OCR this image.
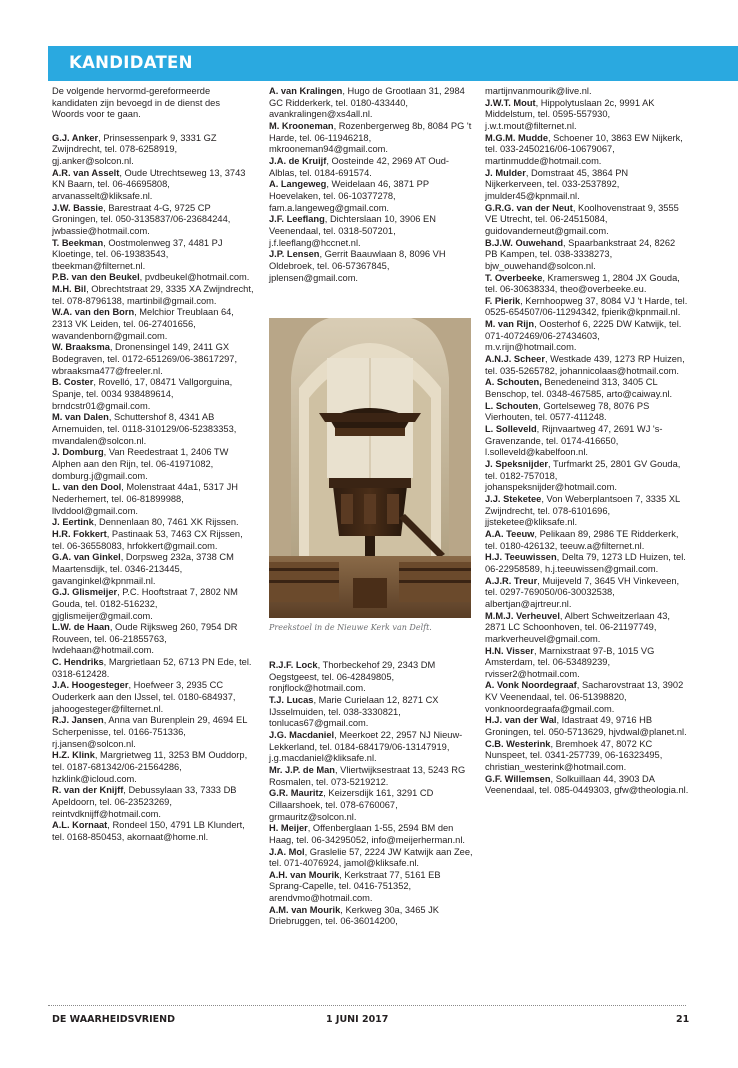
KANDIDATEN

De volgende hervormd-gereformeerde kandidaten zijn bevoegd in de dienst des Woords voor te gaan.

G.J. Anker, Prinsessenpark 9, 3331 GZ Zwijndrecht, tel. 078-6258919, gj.anker@solcon.nl.

A.R. van Asselt, Oude Utrechtseweg 13, 3743 KN Baarn, tel. 06-46695808, arvanasselt@kliksafe.nl.

J.W. Bassie, Barestraat 4-G, 9725 CP Groningen, tel. 050-3135837/06-23684244, jwbassie@hotmail.com.

T. Beekman, Oostmolenweg 37, 4481 PJ Kloetinge, tel. 06-19383543, tbeekman@filternet.nl.

P.B. van den Beukel, pvdbeukel@hotmail.com.

M.H. Bil, Obrechtstraat 29, 3335 XA Zwijndrecht, tel. 078-8796138, martinbil@gmail.com.

W.A. van den Born, Melchior Treublaan 64, 2313 VK Leiden, tel. 06-27401656, wavandenborn@gmail.com.

W. Braaksma, Dronensingel 149, 2411 GX Bodegraven, tel. 0172-651269/06-38617297, wbraaksma477@freeler.nl.

B. Coster, Rovelló, 17, 08471 Vallgorguina, Spanje, tel. 0034 938489614, brndcstr01@gmail.com.

M. van Dalen, Schuttershof 8, 4341 AB Arnemuiden, tel. 0118-310129/06-52383353, mvandalen@solcon.nl.

J. Domburg, Van Reedestraat 1, 2406 TW Alphen aan den Rijn, tel. 06-41971082, domburg.j@gmail.com.

L. van den Dool, Molenstraat 44a1, 5317 JH Nederhemert, tel. 06-81899988, llvddool@gmail.com.

J. Eertink, Dennenlaan 80, 7461 XK Rijssen.

H.R. Fokkert, Pastinaak 53, 7463 CX Rijssen, tel. 06-36558083, hrfokkert@gmail.com.

G.A. van Ginkel, Dorpsweg 232a, 3738 CM Maartensdijk, tel. 0346-213445, gavanginkel@kpnmail.nl.

G.J. Glismeijer, P.C. Hooftstraat 7, 2802 NM Gouda, tel. 0182-516232, gjglismeijer@gmail.com.

L.W. de Haan, Oude Rijksweg 260, 7954 DR Rouveen, tel. 06-21855763, lwdehaan@hotmail.com.

C. Hendriks, Margrietlaan 52, 6713 PN Ede, tel. 0318-612428.

J.A. Hoogesteger, Hoefweer 3, 2935 CC Ouderkerk aan den IJssel, tel. 0180-684937, jahoogesteger@filternet.nl.

R.J. Jansen, Anna van Burenplein 29, 4694 EL Scherpenisse, tel. 0166-751336, rj.jansen@solcon.nl.

H.Z. Klink, Margrietweg 11, 3253 BM Ouddorp, tel. 0187-681342/06-21564286, hzklink@icloud.com.

R. van der Knijff, Debussylaan 33, 7333 DB Apeldoorn, tel. 06-23523269, reintvdknijff@hotmail.com.

A.L. Kornaat, Rondeel 150, 4791 LB Klundert, tel. 0168-850453, akornaat@home.nl.

A. van Kralingen, Hugo de Grootlaan 31, 2984 GC Ridderkerk, tel. 0180-433440, avankralingen@xs4all.nl.

M. Krooneman, Rozenbergerweg 8b, 8084 PG 't Harde, tel. 06-11946218, mkrooneman94@gmail.com.

J.A. de Kruijf, Oosteinde 42, 2969 AT Oud-Alblas, tel. 0184-691574.

A. Langeweg, Weidelaan 46, 3871 PP Hoevelaken, tel. 06-10377278, fam.a.langeweg@gmail.com.

J.F. Leeflang, Dichterslaan 10, 3906 EN Veenendaal, tel. 0318-507201, j.f.leeflang@hccnet.nl.

J.P. Lensen, Gerrit Baauwlaan 8, 8096 VH Oldebroek, tel. 06-57367845, jplensen@gmail.com.

Preekstoel in de Nieuwe Kerk van Delft.

R.J.F. Lock, Thorbeckehof 29, 2343 DM Oegstgeest, tel. 06-42849805, ronjflock@hotmail.com.

T.J. Lucas, Marie Curielaan 12, 8271 CX IJsselmuiden, tel. 038-3330821, tonlucas67@gmail.com.

J.G. Macdaniel, Meerkoet 22, 2957 NJ Nieuw-Lekkerland, tel. 0184-684179/06-13147919, j.g.macdaniel@kliksafe.nl.

Mr. J.P. de Man, Vliertwijksestraat 13, 5243 RG Rosmalen, tel. 073-5219212.

G.R. Mauritz, Keizersdijk 161, 3291 CD Cillaarshoek, tel. 078-6760067, grmauritz@solcon.nl.

H. Meijer, Offenberglaan 1-55, 2594 BM den Haag, tel. 06-34295052, info@meijerherman.nl.

J.A. Mol, Graslelie 57, 2224 JW Katwijk aan Zee, tel. 071-4076924, jamol@kliksafe.nl.

A.H. van Mourik, Kerkstraat 77, 5161 EB Sprang-Capelle, tel. 0416-751352, arendvmo@hotmail.com.

A.M. van Mourik, Kerkweg 30a, 3465 JK Driebruggen, tel. 06-36014200,

martijnvanmourik@live.nl.

J.W.T. Mout, Hippolytuslaan 2c, 9991 AK Middelstum, tel. 0595-557930, j.w.t.mout@filternet.nl.

M.G.M. Mudde, Schoener 10, 3863 EW Nijkerk, tel. 033-2450216/06-10679067, martinmudde@hotmail.com.

J. Mulder, Domstraat 45, 3864 PN Nijkerkerveen, tel. 033-2537892, jmulder45@kpnmail.nl.

G.R.G. van der Neut, Koolhovenstraat 9, 3555 VE Utrecht, tel. 06-24515084, guidovanderneut@gmail.com.

B.J.W. Ouwehand, Spaarbankstraat 24, 8262 PB Kampen, tel. 038-3338273, bjw_ouwehand@solcon.nl.

T. Overbeeke, Kramersweg 1, 2804 JX Gouda, tel. 06-30638334, theo@overbeeke.eu.

F. Pierik, Kernhoopweg 37, 8084 VJ 't Harde, tel. 0525-654507/06-11294342, fpierik@kpnmail.nl.

M. van Rijn, Oosterhof 6, 2225 DW Katwijk, tel. 071-4072469/06-27434603, m.v.rijn@hotmail.com.

A.N.J. Scheer, Westkade 439, 1273 RP Huizen, tel. 035-5265782, johannicolaas@hotmail.com.

A. Schouten, Benedeneind 313, 3405 CL Benschop, tel. 0348-467585, arto@caiway.nl.

L. Schouten, Gortelseweg 78, 8076 PS Vierhouten, tel. 0577-411248.

L. Solleveld, Rijnvaartweg 47, 2691 WJ 's-Gravenzande, tel. 0174-416650, l.solleveld@kabelfoon.nl.

J. Speksnijder, Turfmarkt 25, 2801 GV Gouda, tel. 0182-757018, johanspeksnijder@hotmail.com.

J.J. Steketee, Von Weberplantsoen 7, 3335 XL Zwijndrecht, tel. 078-6101696, jjsteketee@kliksafe.nl.

A.A. Teeuw, Pelikaan 89, 2986 TE Ridderkerk, tel. 0180-426132, teeuw.a@filternet.nl.

H.J. Teeuwissen, Delta 79, 1273 LD Huizen, tel. 06-22958589, h.j.teeuwissen@gmail.com.

A.J.R. Treur, Muijeveld 7, 3645 VH Vinkeveen, tel. 0297-769050/06-30032538, albertjan@ajrtreur.nl.

M.M.J. Verheuvel, Albert Schweitzerlaan 43, 2871 LC Schoonhoven, tel. 06-21197749, markverheuvel@gmail.com.

H.N. Visser, Marnixstraat 97-B, 1015 VG Amsterdam, tel. 06-53489239, rvisser2@hotmail.com.

A. Vonk Noordegraaf, Sacharovstraat 13, 3902 KV Veenendaal, tel. 06-51398820, vonknoordegraafa@gmail.com.

H.J. van der Wal, Idastraat 49, 9716 HB Groningen, tel. 050-5713629, hjvdwal@planet.nl.

C.B. Westerink, Bremhoek 47, 8072 KC Nunspeet, tel. 0341-257739, 06-16323495, christian_westerink@hotmail.com.

G.F. Willemsen, Solkuillaan 44, 3903 DA Veenendaal, tel. 085-0449303, gfw@theologia.nl.

DE WAARHEIDSVRIEND	1 JUNI 2017	21
